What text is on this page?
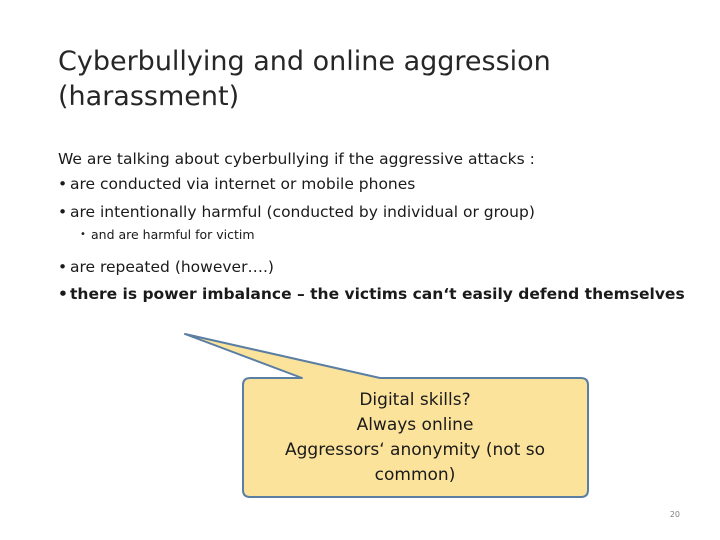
Cyberbullying and online aggression (harassment)

We are talking about cyberbullying if the aggressive attacks :

• are conducted via internet or mobile phones

• are intentionally harmful (conducted by individual or group)

• and are harmful for victim

• are repeated (however….)

• there is power imbalance – the victims can‘t easily defend themselves

Digital skills?
Always online
Aggressors‘ anonymity (not so common)
20
